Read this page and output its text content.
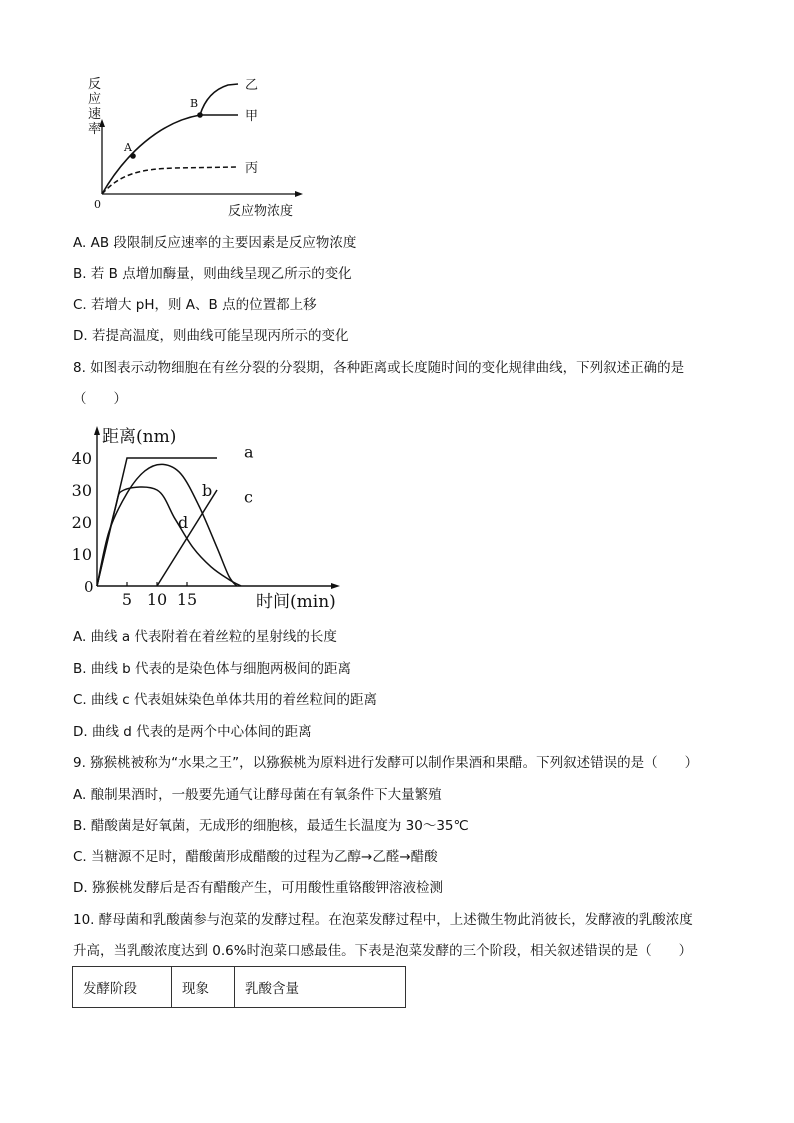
反
应
速
率
0	反应物浓度
A
B
乙
甲
丙
A. AB 段限制反应速率的主要因素是反应物浓度
B. 若 B 点增加酶量，则曲线呈现乙所示的变化
C. 若增大 pH，则 A、B 点的位置都上移
D. 若提高温度，则曲线可能呈现丙所示的变化
8. 如图表示动物细胞在有丝分裂的分裂期，各种距离或长度随时间的变化规律曲线，下列叙述正确的是
（　　）
距离(nm)
时间(min)
0
10
20
30
40
5 10 15
a
b c
d
A. 曲线 a 代表附着在着丝粒的星射线的长度
B. 曲线 b 代表的是染色体与细胞两极间的距离
C. 曲线 c 代表姐妹染色单体共用的着丝粒间的距离
D. 曲线 d 代表的是两个中心体间的距离
9. 猕猴桃被称为“水果之王”，以猕猴桃为原料进行发酵可以制作果酒和果醋。下列叙述错误的是（　　）
A. 酿制果酒时，一般要先通气让酵母菌在有氧条件下大量繁殖
B. 醋酸菌是好氧菌，无成形的细胞核，最适生长温度为 30～35℃
C. 当糖源不足时，醋酸菌形成醋酸的过程为乙醇→乙醛→醋酸
D. 猕猴桃发酵后是否有醋酸产生，可用酸性重铬酸钾溶液检测
10. 酵母菌和乳酸菌参与泡菜的发酵过程。在泡菜发酵过程中，上述微生物此消彼长，发酵液的乳酸浓度
升高，当乳酸浓度达到 0.6%时泡菜口感最佳。下表是泡菜发酵的三个阶段，相关叙述错误的是（　　）
发酵阶段	现象	乳酸含量
